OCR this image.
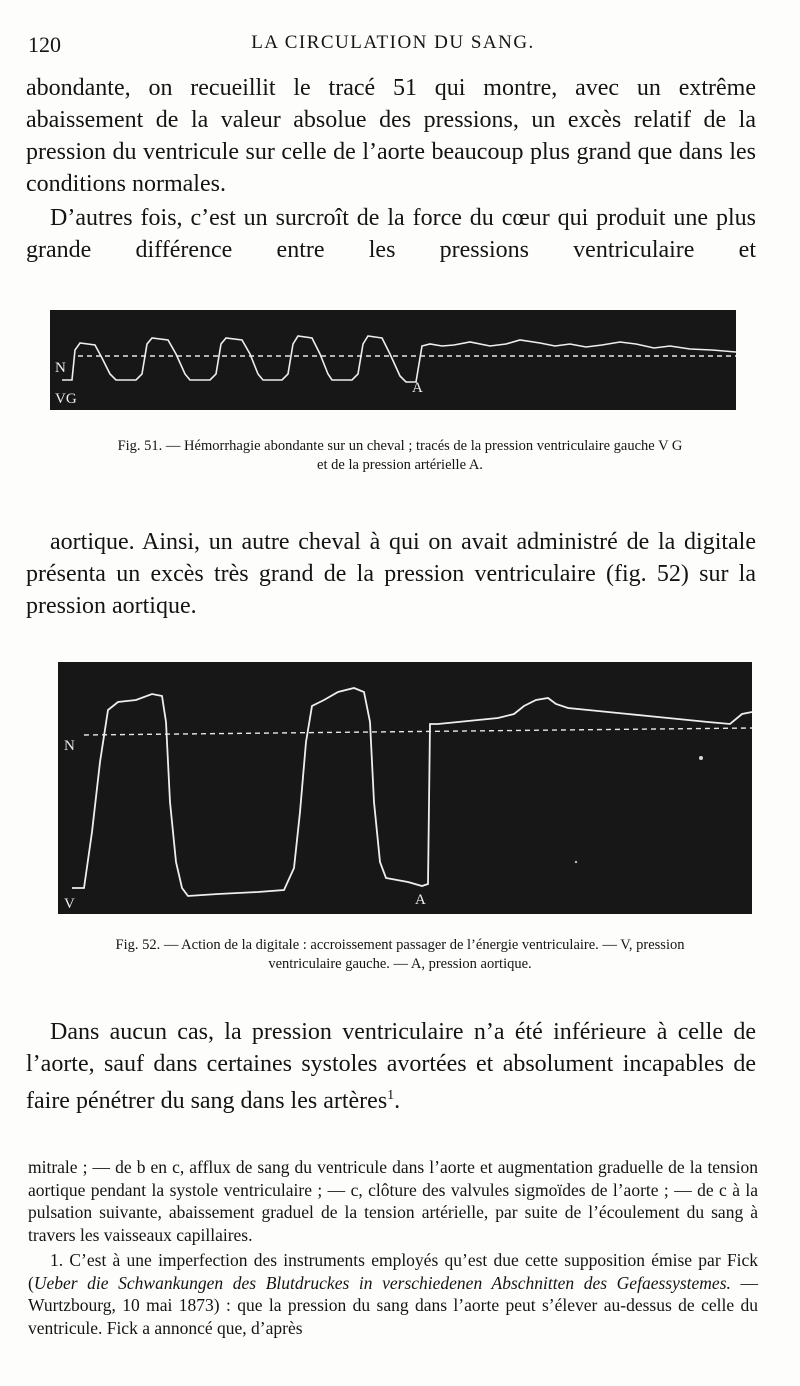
120	LA CIRCULATION DU SANG.

abondante, on recueillit le tracé 51 qui montre, avec un extrême abaissement de la valeur absolue des pressions, un excès relatif de la pression du ventricule sur celle de l’aorte beaucoup plus grand que dans les conditions normales.

D’autres fois, c’est un surcroît de la force du cœur qui produit une plus grande différence entre les pressions ventriculaire et

N
VG
A
Fig. 51. — Hémorrhagie abondante sur un cheval ; tracés de la pression ventriculaire gauche V G
et de la pression artérielle A.

aortique. Ainsi, un autre cheval à qui on avait administré de la digitale présenta un excès très grand de la pression ventriculaire (fig. 52) sur la pression aortique.

N
V	A
Fig. 52. — Action de la digitale : accroissement passager de l’énergie ventriculaire. — V, pression
ventriculaire gauche. — A, pression aortique.

Dans aucun cas, la pression ventriculaire n’a été inférieure à celle de l’aorte, sauf dans certaines systoles avortées et absolument incapables de faire pénétrer du sang dans les artères$^1$.

mitrale ; — de b en c, afflux de sang du ventricule dans l’aorte et augmentation graduelle de la tension aortique pendant la systole ventriculaire ; — c, clôture des valvules sigmoïdes de l’aorte ; — de c à la pulsation suivante, abaissement graduel de la tension artérielle, par suite de l’écoulement du sang à travers les vaisseaux capillaires.

1. C’est à une imperfection des instruments employés qu’est due cette supposition émise par Fick (Ueber die Schwankungen des Blutdruckes in verschiedenen Abschnitten des Gefaessystemes. — Wurtzbourg, 10 mai 1873) : que la pression du sang dans l’aorte peut s’élever au-dessus de celle du ventricule. Fick a annoncé que, d’après
